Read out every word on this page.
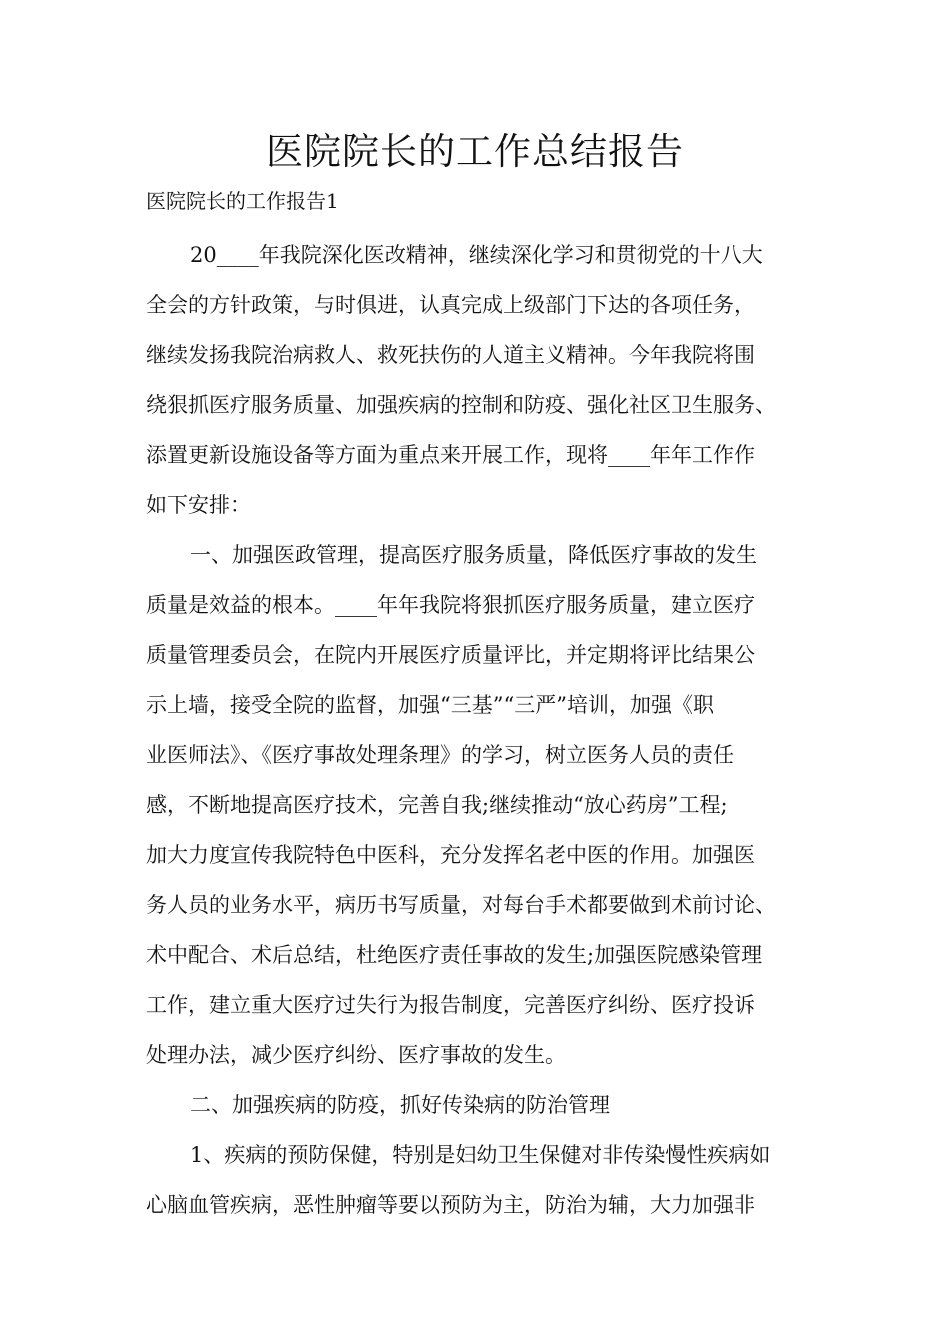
医院院长的工作总结报告
医院院长的工作报告1
20____年我院深化医改精神，继续深化学习和贯彻党的十八大
全会的方针政策，与时俱进，认真完成上级部门下达的各项任务，
继续发扬我院治病救人、救死扶伤的人道主义精神。今年我院将围
绕狠抓医疗服务质量、加强疾病的控制和防疫、强化社区卫生服务、
添置更新设施设备等方面为重点来开展工作，现将____年年工作作
如下安排：
一、加强医政管理，提高医疗服务质量，降低医疗事故的发生
质量是效益的根本。____年年我院将狠抓医疗服务质量，建立医疗
质量管理委员会，在院内开展医疗质量评比，并定期将评比结果公
示上墙，接受全院的监督，加强“三基”“三严”培训，加强《职
业医师法》、《医疗事故处理条理》的学习，树立医务人员的责任
感，不断地提高医疗技术，完善自我;继续推动“放心药房”工程;
加大力度宣传我院特色中医科，充分发挥名老中医的作用。加强医
务人员的业务水平，病历书写质量，对每台手术都要做到术前讨论、
术中配合、术后总结，杜绝医疗责任事故的发生;加强医院感染管理
工作，建立重大医疗过失行为报告制度，完善医疗纠纷、医疗投诉
处理办法，减少医疗纠纷、医疗事故的发生。
二、加强疾病的防疫，抓好传染病的防治管理
1、疾病的预防保健，特别是妇幼卫生保健对非传染慢性疾病如
心脑血管疾病，恶性肿瘤等要以预防为主，防治为辅，大力加强非
